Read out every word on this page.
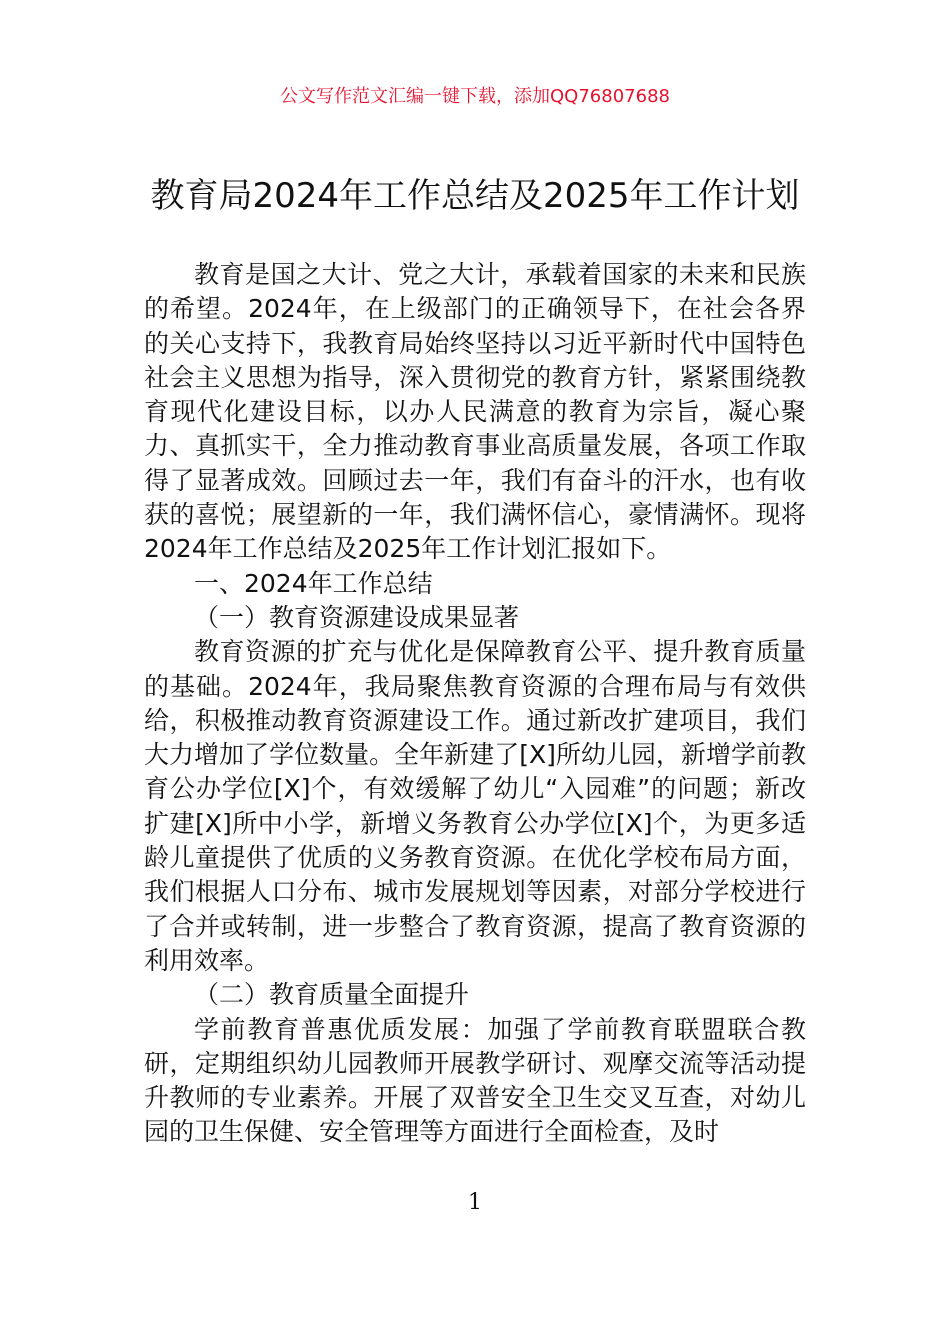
公文写作范文汇编一键下载，添加QQ76807688
教育局2024年工作总结及2025年工作计划

教育是国之大计、党之大计，承载着国家的未来和民族的希望。2024年，在上级部门的正确领导下，在社会各界的关心支持下，我教育局始终坚持以习近平新时代中国特色社会主义思想为指导，深入贯彻党的教育方针，紧紧围绕教育现代化建设目标，以办人民满意的教育为宗旨，凝心聚力、真抓实干，全力推动教育事业高质量发展，各项工作取得了显著成效。回顾过去一年，我们有奋斗的汗水，也有收获的喜悦；展望新的一年，我们满怀信心，豪情满怀。现将2024年工作总结及2025年工作计划汇报如下。

一、2024年工作总结

（一）教育资源建设成果显著

教育资源的扩充与优化是保障教育公平、提升教育质量的基础。2024年，我局聚焦教育资源的合理布局与有效供给，积极推动教育资源建设工作。通过新改扩建项目，我们大力增加了学位数量。全年新建了[X]所幼儿园，新增学前教育公办学位[X]个，有效缓解了幼儿“入园难”的问题；新改扩建[X]所中小学，新增义务教育公办学位[X]个，为更多适龄儿童提供了优质的义务教育资源。在优化学校布局方面，我们根据人口分布、城市发展规划等因素，对部分学校进行了合并或转制，进一步整合了教育资源，提高了教育资源的利用效率。

（二）教育质量全面提升

学前教育普惠优质发展：加强了学前教育联盟联合教研，定期组织幼儿园教师开展教学研讨、观摩交流等活动提升教师的专业素养。开展了双普安全卫生交叉互查，对幼儿园的卫生保健、安全管理等方面进行全面检查，及时

1
